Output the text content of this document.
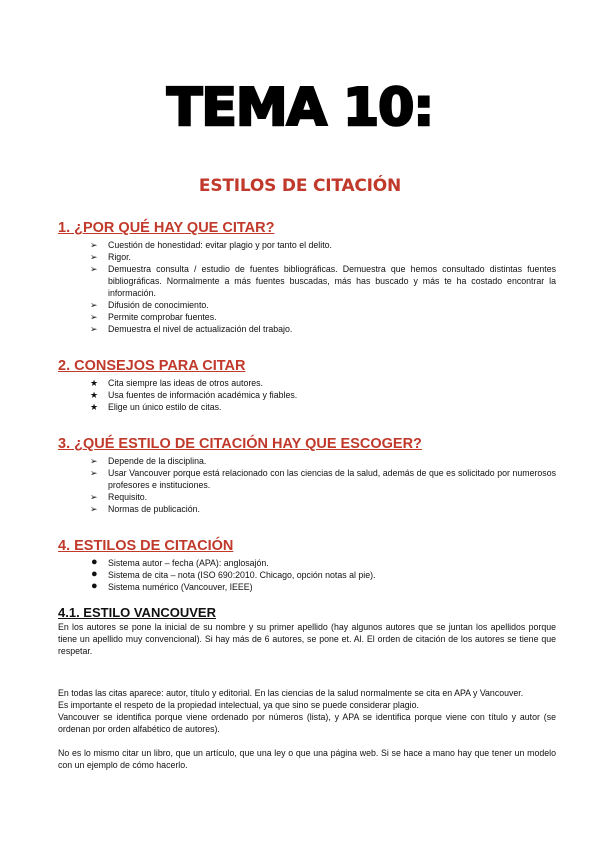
TEMA 10:
ESTILOS DE CITACIÓN
1. ¿POR QUÉ HAY QUE CITAR?
➢ Cuestión de honestidad: evitar plagio y por tanto el delito.
➢ Rigor.
➢ Demuestra consulta / estudio de fuentes bibliográficas. Demuestra que hemos consultado distintas fuentes bibliográficas. Normalmente a más fuentes buscadas, más has buscado y más te ha costado encontrar la información.
➢ Difusión de conocimiento.
➢ Permite comprobar fuentes.
➢ Demuestra el nivel de actualización del trabajo.
2. CONSEJOS PARA CITAR
★ Cita siempre las ideas de otros autores.
★ Usa fuentes de información académica y fiables.
★ Elige un único estilo de citas.
3. ¿QUÉ ESTILO DE CITACIÓN HAY QUE ESCOGER?
➢ Depende de la disciplina.
➢ Usar Vancouver porque está relacionado con las ciencias de la salud, además de que es solicitado por numerosos profesores e instituciones.
➢ Requisito.
➢ Normas de publicación.
4. ESTILOS DE CITACIÓN
● Sistema autor – fecha (APA): anglosajón.
● Sistema de cita – nota (ISO 690:2010. Chicago, opción notas al pie).
● Sistema numérico (Vancouver, IEEE)
4.1. ESTILO VANCOUVER

En los autores se pone la inicial de su nombre y su primer apellido (hay algunos autores que se juntan los apellidos porque tiene un apellido muy convencional). Si hay más de 6 autores, se pone et. Al. El orden de citación de los autores se tiene que respetar.

En todas las citas aparece: autor, título y editorial. En las ciencias de la salud normalmente se cita en APA y Vancouver.

Es importante el respeto de la propiedad intelectual, ya que sino se puede considerar plagio.

Vancouver se identifica porque viene ordenado por números (lista), y APA se identifica porque viene con título y autor (se ordenan por orden alfabético de autores).

No es lo mismo citar un libro, que un artículo, que una ley o que una página web. Si se hace a mano hay que tener un modelo con un ejemplo de cómo hacerlo.
